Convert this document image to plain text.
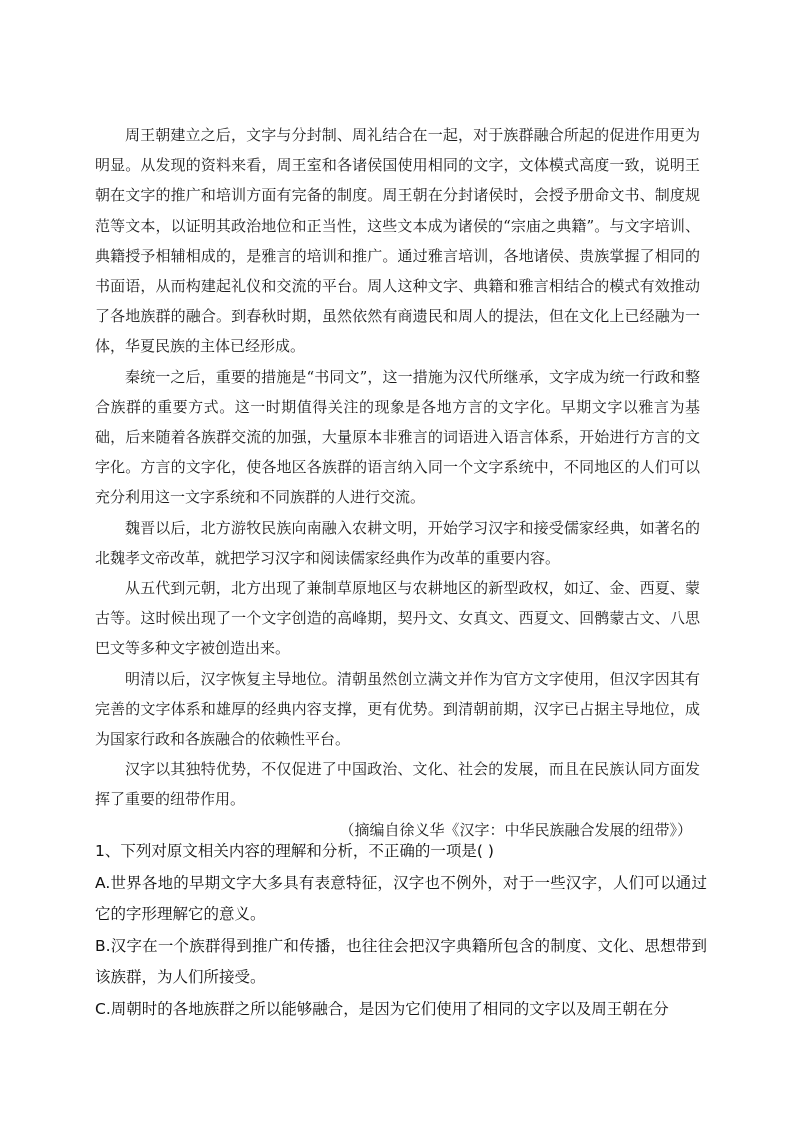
周王朝建立之后，文字与分封制、周礼结合在一起，对于族群融合所起的促进作用更为明显。从发现的资料来看，周王室和各诸侯国使用相同的文字，文体模式高度一致，说明王朝在文字的推广和培训方面有完备的制度。周王朝在分封诸侯时，会授予册命文书、制度规范等文本，以证明其政治地位和正当性，这些文本成为诸侯的“宗庙之典籍”。与文字培训、典籍授予相辅相成的，是雅言的培训和推广。通过雅言培训，各地诸侯、贵族掌握了相同的书面语，从而构建起礼仪和交流的平台。周人这种文字、典籍和雅言相结合的模式有效推动了各地族群的融合。到春秋时期，虽然依然有商遗民和周人的提法，但在文化上已经融为一体，华夏民族的主体已经形成。

秦统一之后，重要的措施是“书同文”，这一措施为汉代所继承，文字成为统一行政和整合族群的重要方式。这一时期值得关注的现象是各地方言的文字化。早期文字以雅言为基础，后来随着各族群交流的加强，大量原本非雅言的词语进入语言体系，开始进行方言的文字化。方言的文字化，使各地区各族群的语言纳入同一个文字系统中，不同地区的人们可以充分利用这一文字系统和不同族群的人进行交流。

魏晋以后，北方游牧民族向南融入农耕文明，开始学习汉字和接受儒家经典，如著名的北魏孝文帝改革，就把学习汉字和阅读儒家经典作为改革的重要内容。

从五代到元朝，北方出现了兼制草原地区与农耕地区的新型政权，如辽、金、西夏、蒙古等。这时候出现了一个文字创造的高峰期，契丹文、女真文、西夏文、回鹘蒙古文、八思巴文等多种文字被创造出来。

明清以后，汉字恢复主导地位。清朝虽然创立满文并作为官方文字使用，但汉字因其有完善的文字体系和雄厚的经典内容支撑，更有优势。到清朝前期，汉字已占据主导地位，成为国家行政和各族融合的依赖性平台。

汉字以其独特优势，不仅促进了中国政治、文化、社会的发展，而且在民族认同方面发挥了重要的纽带作用。

（摘编自徐义华《汉字：中华民族融合发展的纽带》）

1、下列对原文相关内容的理解和分析，不正确的一项是( )

A.世界各地的早期文字大多具有表意特征，汉字也不例外，对于一些汉字，人们可以通过它的字形理解它的意义。

B.汉字在一个族群得到推广和传播，也往往会把汉字典籍所包含的制度、文化、思想带到该族群，为人们所接受。

C.周朝时的各地族群之所以能够融合，是因为它们使用了相同的文字以及周王朝在分
